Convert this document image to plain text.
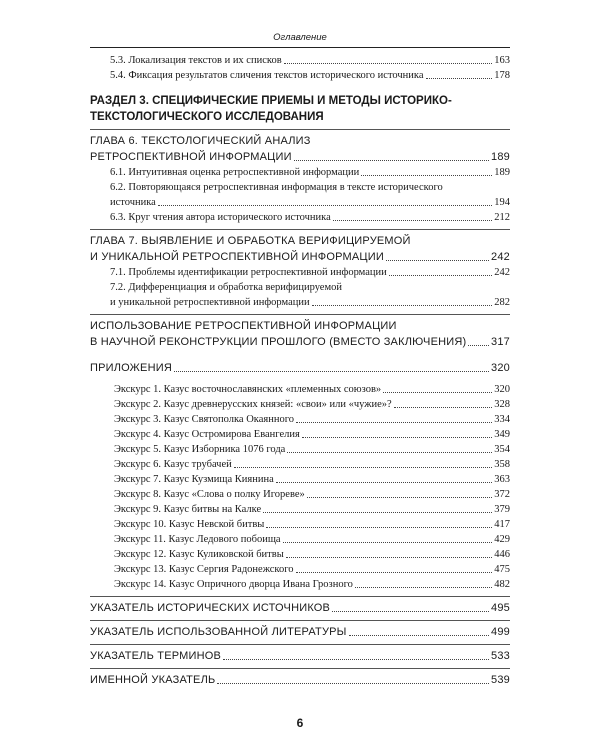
Оглавление
5.3. Локализация текстов и их списков	163
5.4. Фиксация результатов сличения текстов исторического источника	178
РАЗДЕЛ 3. СПЕЦИФИЧЕСКИЕ ПРИЕМЫ И МЕТОДЫ ИСТОРИКО-
ТЕКСТОЛОГИЧЕСКОГО ИССЛЕДОВАНИЯ
ГЛАВА 6. ТЕКСТОЛОГИЧЕСКИЙ АНАЛИЗ
РЕТРОСПЕКТИВНОЙ ИНФОРМАЦИИ	189
6.1. Интуитивная оценка ретроспективной информации	189
6.2. Повторяющаяся ретроспективная информация в тексте исторического
источника	194
6.3. Круг чтения автора исторического источника	212
ГЛАВА 7. ВЫЯВЛЕНИЕ И ОБРАБОТКА ВЕРИФИЦИРУЕМОЙ
И УНИКАЛЬНОЙ РЕТРОСПЕКТИВНОЙ ИНФОРМАЦИИ	242
7.1. Проблемы идентификации ретроспективной информации	242
7.2. Дифференциация и обработка верифицируемой
и уникальной ретроспективной информации	282
ИСПОЛЬЗОВАНИЕ РЕТРОСПЕКТИВНОЙ ИНФОРМАЦИИ
В НАУЧНОЙ РЕКОНСТРУКЦИИ ПРОШЛОГО (ВМЕСТО ЗАКЛЮЧЕНИЯ) 317
ПРИЛОЖЕНИЯ	320
Экскурс 1. Казус восточнославянских «племенных союзов»	320
Экскурс 2. Казус древнерусских князей: «свои» или «чужие»?	328
Экскурс 3. Казус Святополка Окаянного	334
Экскурс 4. Казус Остромирова Евангелия	349
Экскурс 5. Казус Изборника 1076 года	354
Экскурс 6. Казус трубачей	358
Экскурс 7. Казус Кузмища Киянина	363
Экскурс 8. Казус «Слова о полку Игореве»	372
Экскурс 9. Казус битвы на Калке	379
Экскурс 10. Казус Невской битвы	417
Экскурс 11. Казус Ледового побоища	429
Экскурс 12. Казус Куликовской битвы	446
Экскурс 13. Казус Сергия Радонежского	475
Экскурс 14. Казус Опричного дворца Ивана Грозного	482
УКАЗАТЕЛЬ ИСТОРИЧЕСКИХ ИСТОЧНИКОВ	495
УКАЗАТЕЛЬ ИСПОЛЬЗОВАННОЙ ЛИТЕРАТУРЫ	499
УКАЗАТЕЛЬ ТЕРМИНОВ	533
ИМЕННОЙ УКАЗАТЕЛЬ	539
6
